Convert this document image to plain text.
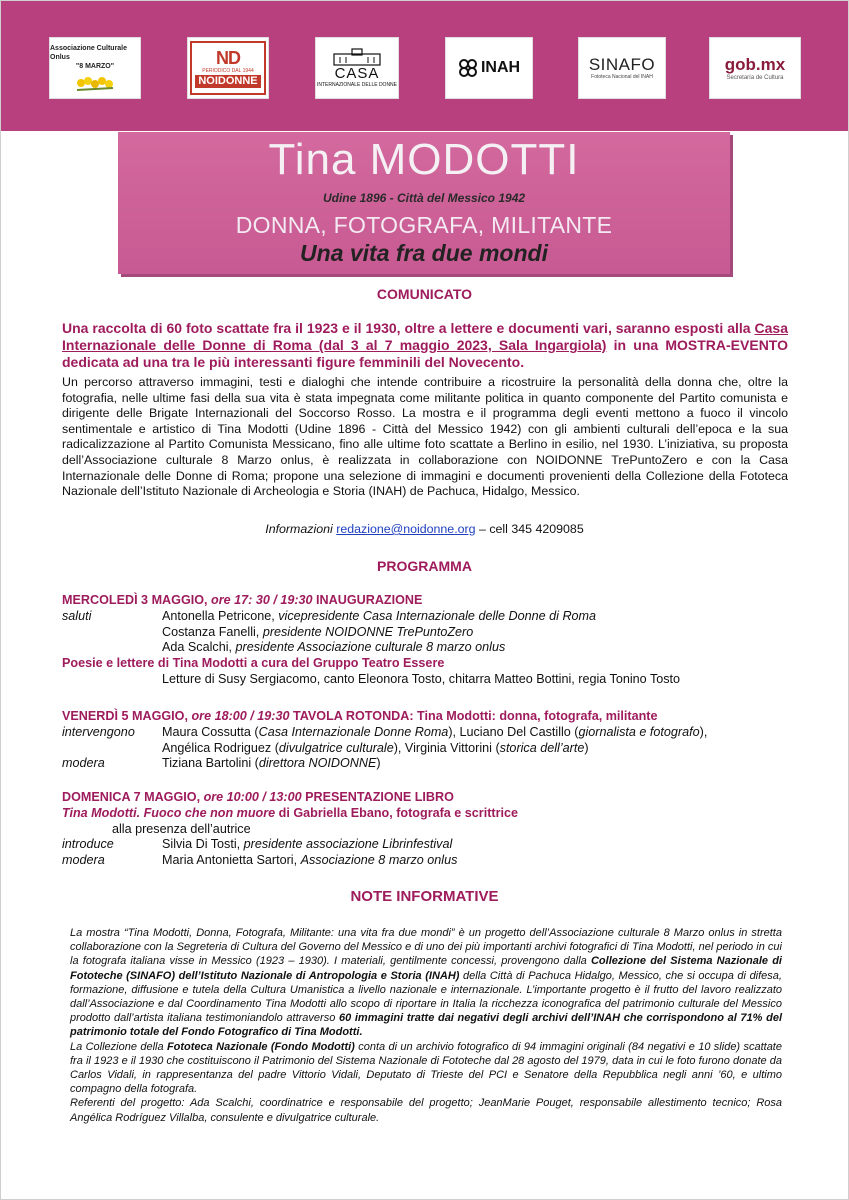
Associazione Culturale Onlus
"8 MARZO"	ND
PERIODICO DAL 1944
NOIDONNE	CASA
INTERNAZIONALE DELLE DONNE
INAH	SINAFO
Fototeca Nacional del INAH
gob.mx
Secretaría de Cultura
Tina MODOTTI
Udine 1896 - Città del Messico 1942
DONNA, FOTOGRAFA, MILITANTE
Una vita fra due mondi
COMUNICATO
Una raccolta di 60 foto scattate fra il 1923 e il 1930, oltre a lettere e documenti vari, saranno esposti alla Casa Internazionale delle Donne di Roma (dal 3 al 7 maggio 2023, Sala Ingargiola) in una MOSTRA-EVENTO dedicata ad una tra le più interessanti figure femminili del Novecento.
Un percorso attraverso immagini, testi e dialoghi che intende contribuire a ricostruire la personalità della donna che, oltre la fotografia, nelle ultime fasi della sua vita è stata impegnata come militante politica in quanto componente del Partito comunista e dirigente delle Brigate Internazionali del Soccorso Rosso. La mostra e il programma degli eventi mettono a fuoco il vincolo sentimentale e artistico di Tina Modotti (Udine 1896 - Città del Messico 1942) con gli ambienti culturali dell’epoca e la sua radicalizzazione al Partito Comunista Messicano, fino alle ultime foto scattate a Berlino in esilio, nel 1930. L’iniziativa, su proposta dell’Associazione culturale 8 Marzo onlus, è realizzata in collaborazione con NOIDONNE TrePuntoZero e con la Casa Internazionale delle Donne di Roma; propone una selezione di immagini e documenti provenienti della Collezione della Fototeca Nazionale dell’Istituto Nazionale di Archeologia e Storia (INAH) de Pachuca, Hidalgo, Messico.
Informazioni redazione@noidonne.org – cell 345 4209085
PROGRAMMA
MERCOLEDÌ 3 MAGGIO, ore 17: 30 / 19:30 INAUGURAZIONE
saluti	Antonella Petricone, vicepresidente Casa Internazionale delle Donne di Roma
Costanza Fanelli, presidente NOIDONNE TrePuntoZero
Ada Scalchi, presidente Associazione culturale 8 marzo onlus
Poesie e lettere di Tina Modotti a cura del Gruppo Teatro Essere
Letture di Susy Sergiacomo, canto Eleonora Tosto, chitarra Matteo Bottini, regia Tonino Tosto
VENERDÌ 5 MAGGIO, ore 18:00 / 19:30 TAVOLA ROTONDA: Tina Modotti: donna, fotografa, militante
intervengono	Maura Cossutta (Casa Internazionale Donne Roma), Luciano Del Castillo (giornalista e fotografo),
Angélica Rodriguez (divulgatrice culturale), Virginia Vittorini (storica dell’arte)
modera	Tiziana Bartolini (direttora NOIDONNE)
DOMENICA 7 MAGGIO, ore 10:00 / 13:00 PRESENTAZIONE LIBRO
Tina Modotti. Fuoco che non muore di Gabriella Ebano, fotografa e scrittrice
alla presenza dell’autrice
introduce	Silvia Di Tosti, presidente associazione Librinfestival
modera	Maria Antonietta Sartori, Associazione 8 marzo onlus
NOTE INFORMATIVE

La mostra “Tina Modotti, Donna, Fotografa, Militante: una vita fra due mondi” è un progetto dell’Associazione culturale 8 Marzo onlus in stretta collaborazione con la Segreteria di Cultura del Governo del Messico e di uno dei più importanti archivi fotografici di Tina Modotti, nel periodo in cui la fotografa italiana visse in Messico (1923 – 1930). I materiali, gentilmente concessi, provengono dalla Collezione del Sistema Nazionale di Fototeche (SINAFO) dell’Istituto Nazionale di Antropologia e Storia (INAH) della Città di Pachuca Hidalgo, Messico, che si occupa di difesa, formazione, diffusione e tutela della Cultura Umanistica a livello nazionale e internazionale. L’importante progetto è il frutto del lavoro realizzato dall’Associazione e dal Coordinamento Tina Modotti allo scopo di riportare in Italia la ricchezza iconografica del patrimonio culturale del Messico prodotto dall’artista italiana testimoniandolo attraverso 60 immagini tratte dai negativi degli archivi dell’INAH che corrispondono al 71% del patrimonio totale del Fondo Fotografico di Tina Modotti.

La Collezione della Fototeca Nazionale (Fondo Modotti) conta di un archivio fotografico di 94 immagini originali (84 negativi e 10 slide) scattate fra il 1923 e il 1930 che costituiscono il Patrimonio del Sistema Nazionale di Fototeche dal 28 agosto del 1979, data in cui le foto furono donate da Carlos Vidali, in rappresentanza del padre Vittorio Vidali, Deputato di Trieste del PCI e Senatore della Repubblica negli anni ’60, e ultimo compagno della fotografa.

Referenti del progetto: Ada Scalchi, coordinatrice e responsabile del progetto; JeanMarie Pouget, responsabile allestimento tecnico; Rosa Angélica Rodríguez Villalba, consulente e divulgatrice culturale.
